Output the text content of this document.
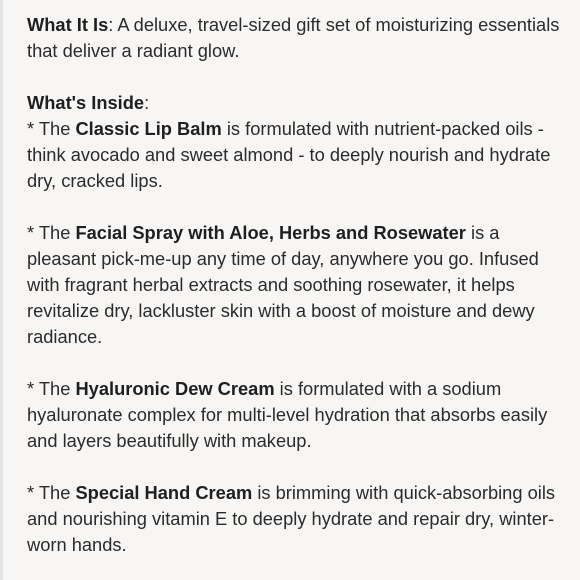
What It Is: A deluxe, travel-sized gift set of moisturizing essentials that deliver a radiant glow.

What's Inside:

* The Classic Lip Balm is formulated with nutrient-packed oils - think avocado and sweet almond - to deeply nourish and hydrate dry, cracked lips.

* The Facial Spray with Aloe, Herbs and Rosewater is a pleasant pick-me-up any time of day, anywhere you go. Infused with fragrant herbal extracts and soothing rosewater, it helps revitalize dry, lackluster skin with a boost of moisture and dewy radiance.

* The Hyaluronic Dew Cream is formulated with a sodium hyaluronate complex for multi-level hydration that absorbs easily and layers beautifully with makeup.

* The Special Hand Cream is brimming with quick-absorbing oils and nourishing vitamin E to deeply hydrate and repair dry, winter-worn hands.
